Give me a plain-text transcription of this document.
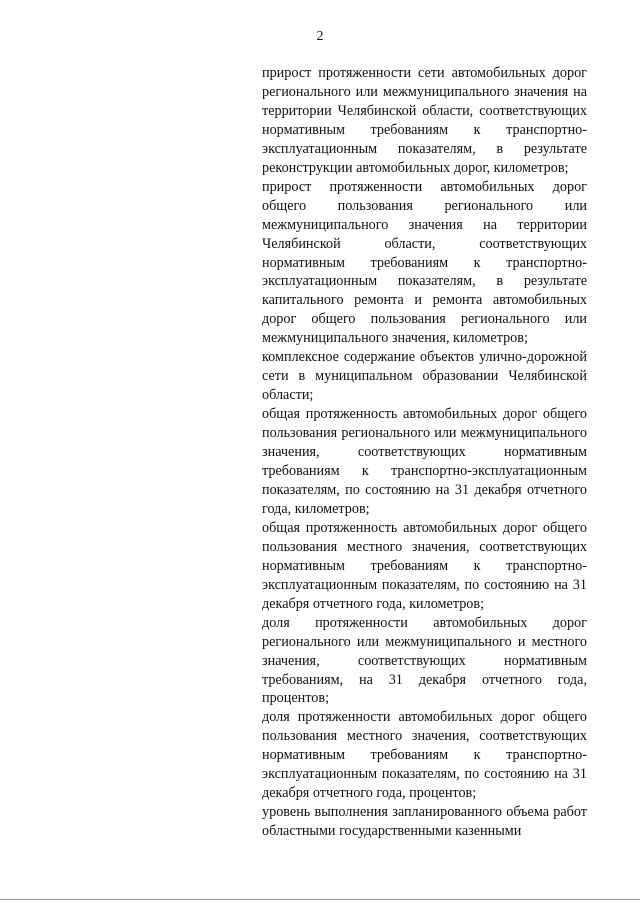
2

прирост протяженности сети автомобильных дорог регионального или межмуниципального значения на территории Челябинской области, соответствующих нормативным требованиям к транспортно-эксплуатационным показателям, в результате реконструкции автомобильных дорог, километров;

прирост протяженности автомобильных дорог общего пользования регионального или межмуниципального значения на территории Челябинской области, соответствующих нормативным требованиям к транспортно-эксплуатационным показателям, в результате капитального ремонта и ремонта автомобильных дорог общего пользования регионального или межмуниципального значения, километров;

комплексное содержание объектов улично-дорожной сети в муниципальном образовании Челябинской области;

общая протяженность автомобильных дорог общего пользования регионального или межмуниципального значения, соответствующих нормативным требованиям к транспортно-эксплуатационным показателям, по состоянию на 31 декабря отчетного года, километров;

общая протяженность автомобильных дорог общего пользования местного значения, соответствующих нормативным требованиям к транспортно-эксплуатационным показателям, по состоянию на 31 декабря отчетного года, километров;

доля протяженности автомобильных дорог регионального или межмуниципального и местного значения, соответствующих нормативным требованиям, на 31 декабря отчетного года, процентов;

доля протяженности автомобильных дорог общего пользования местного значения, соответствующих нормативным требованиям к транспортно-эксплуатационным показателям, по состоянию на 31 декабря отчетного года, процентов;

уровень выполнения запланированного объема работ областными государственными казенными
